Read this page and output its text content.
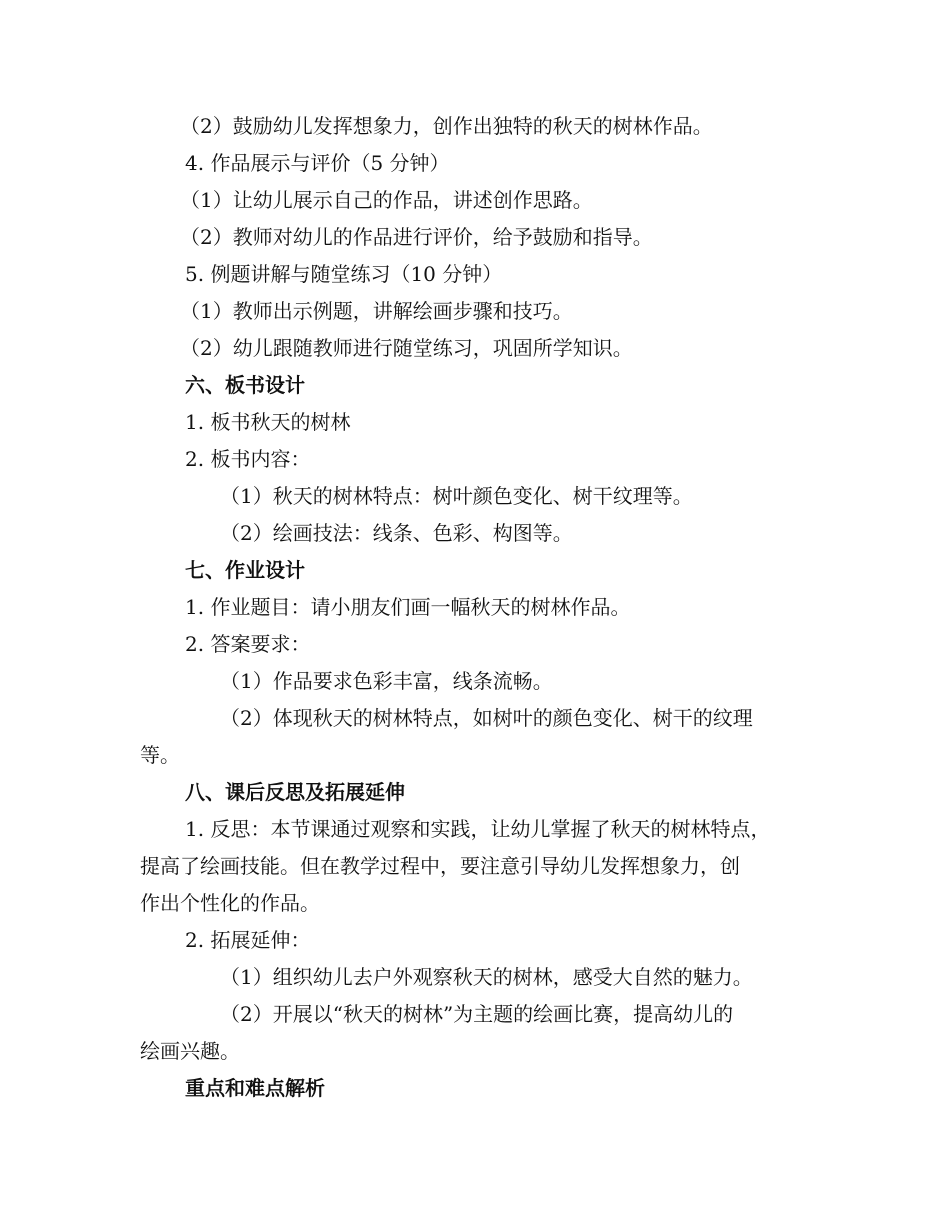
（2）鼓励幼儿发挥想象力，创作出独特的秋天的树林作品。
4. 作品展示与评价（5 分钟）
（1）让幼儿展示自己的作品，讲述创作思路。
（2）教师对幼儿的作品进行评价，给予鼓励和指导。
5. 例题讲解与随堂练习（10 分钟）
（1）教师出示例题，讲解绘画步骤和技巧。
（2）幼儿跟随教师进行随堂练习，巩固所学知识。
六、板书设计
1. 板书秋天的树林
2. 板书内容：
（1）秋天的树林特点：树叶颜色变化、树干纹理等。
（2）绘画技法：线条、色彩、构图等。
七、作业设计
1. 作业题目：请小朋友们画一幅秋天的树林作品。
2. 答案要求：
（1）作品要求色彩丰富，线条流畅。
（2）体现秋天的树林特点，如树叶的颜色变化、树干的纹理
等。
八、课后反思及拓展延伸
1. 反思：本节课通过观察和实践，让幼儿掌握了秋天的树林特点，
提高了绘画技能。但在教学过程中，要注意引导幼儿发挥想象力，创
作出个性化的作品。
2. 拓展延伸：
（1）组织幼儿去户外观察秋天的树林，感受大自然的魅力。
（2）开展以“秋天的树林”为主题的绘画比赛，提高幼儿的
绘画兴趣。
重点和难点解析
